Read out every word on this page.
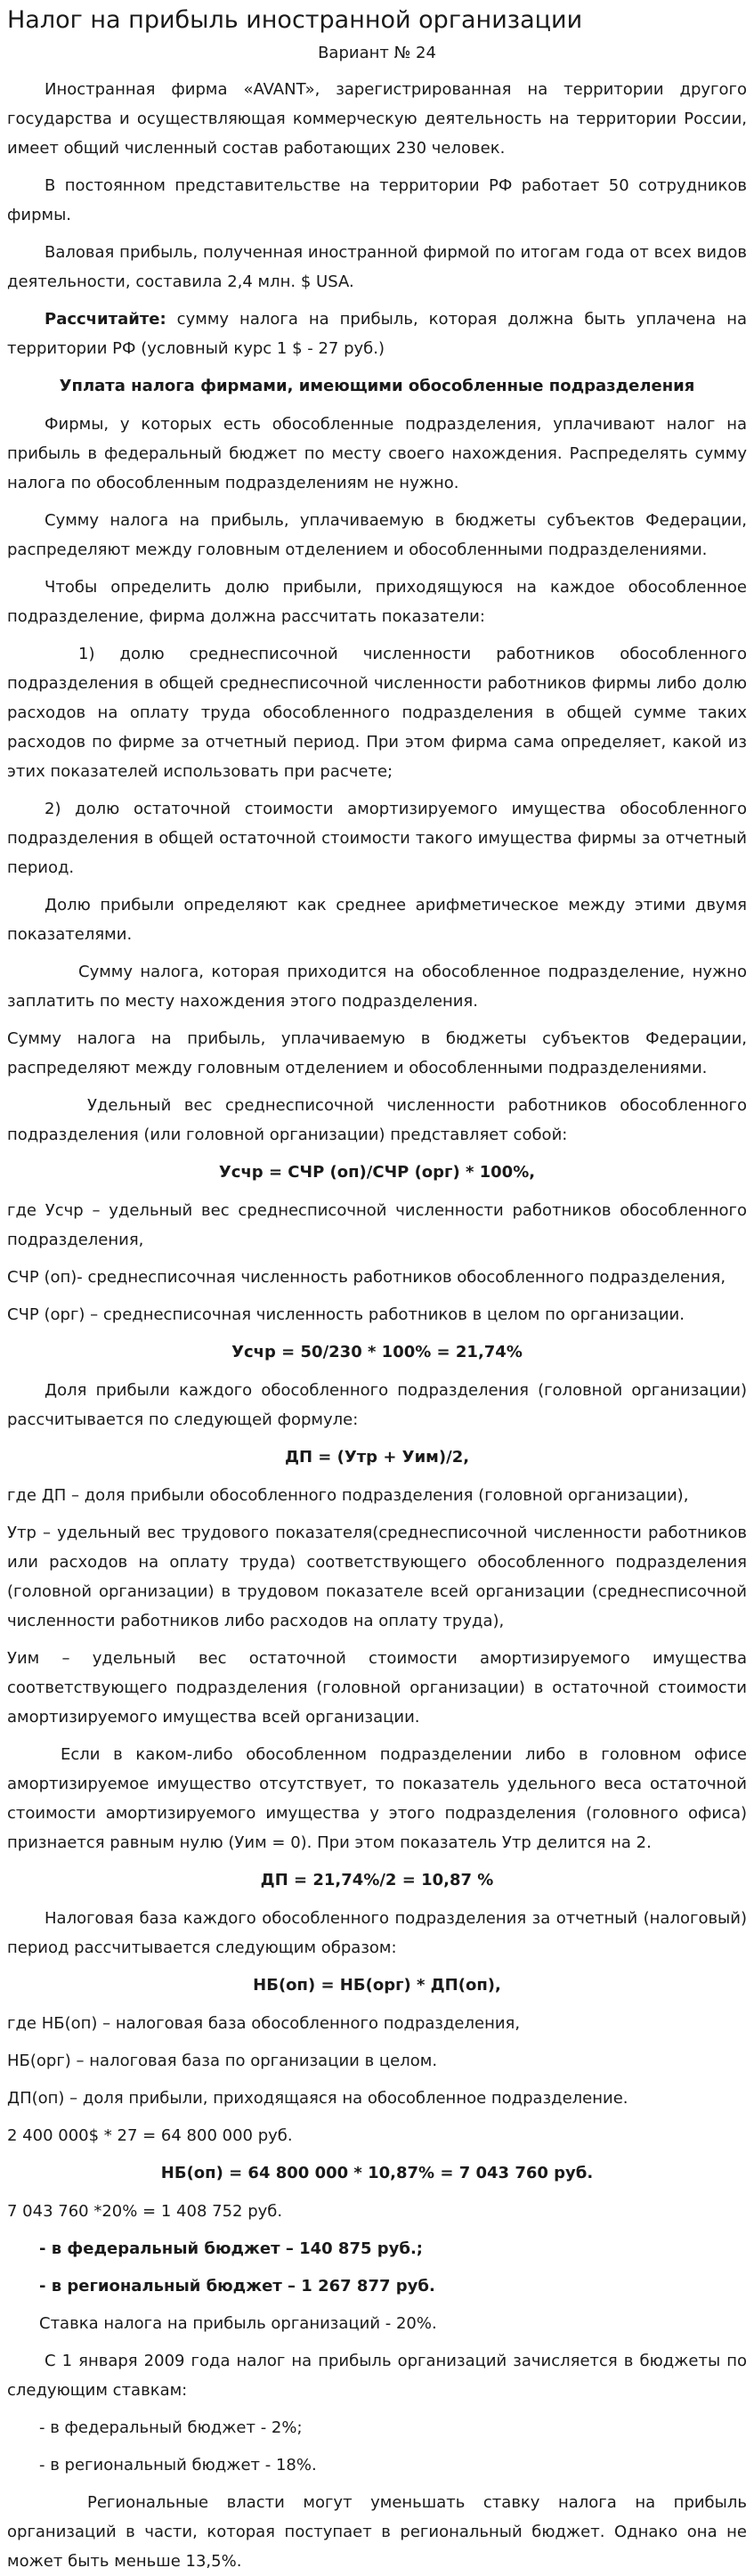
Налог на прибыль иностранной организации
Вариант № 24

Иностранная фирма «AVANT», зарегистрированная на территории другого государства и осуществляющая коммерческую деятельность на территории России, имеет общий численный состав работающих 230 человек.

В постоянном представительстве на территории РФ работает 50 сотрудников фирмы.

Валовая прибыль, полученная иностранной фирмой по итогам года от всех видов деятельности, составила 2,4 млн. $ USA.

Рассчитайте: сумму налога на прибыль, которая должна быть уплачена на территории РФ (условный курс 1 $ - 27 руб.)

Уплата налога фирмами, имеющими обособленные подразделения

Фирмы, у которых есть обособленные подразделения, уплачивают налог на прибыль в федеральный бюджет по месту своего нахождения. Распределять сумму налога по обособленным подразделениям не нужно.

Сумму налога на прибыль, уплачиваемую в бюджеты субъектов Федерации, распределяют между головным отделением и обособленными подразделениями.

Чтобы определить долю прибыли, приходящуюся на каждое обособленное подразделение, фирма должна рассчитать показатели:

1) долю среднесписочной численности работников обособленного подразделения в общей среднесписочной численности работников фирмы либо долю расходов на оплату труда обособленного подразделения в общей сумме таких расходов по фирме за отчетный период. При этом фирма сама определяет, какой из этих показателей использовать при расчете;

2) долю остаточной стоимости амортизируемого имущества обособленного подразделения в общей остаточной стоимости такого имущества фирмы за отчетный период.

Долю прибыли определяют как среднее арифметическое между этими двумя показателями.

Сумму налога, которая приходится на обособленное подразделение, нужно заплатить по месту нахождения этого подразделения.

Сумму налога на прибыль, уплачиваемую в бюджеты субъектов Федерации, распределяют между головным отделением и обособленными подразделениями.

Удельный вес среднесписочной численности работников обособленного подразделения (или головной организации) представляет собой:

Усчр = СЧР (оп)/СЧР (орг) * 100%,

где Усчр – удельный вес среднесписочной численности работников обособленного подразделения,

СЧР (оп)- среднесписочная численность работников обособленного подразделения,

СЧР (орг) – среднесписочная численность работников в целом по организации.

Усчр = 50/230 * 100% = 21,74%

Доля прибыли каждого обособленного подразделения (головной организации) рассчитывается по следующей формуле:

ДП = (Утр + Уим)/2,

где ДП – доля прибыли обособленного подразделения (головной организации),

Утр – удельный вес трудового показателя(среднесписочной численности работников или расходов на оплату труда) соответствующего обособленного подразделения (головной организации) в трудовом показателе всей организации (среднесписочной численности работников либо расходов на оплату труда),

Уим – удельный вес остаточной стоимости амортизируемого имущества соответствующего подразделения (головной организации) в остаточной стоимости амортизируемого имущества всей организации.

Если в каком-либо обособленном подразделении либо в головном офисе амортизируемое имущество отсутствует, то показатель удельного веса остаточной стоимости амортизируемого имущества у этого подразделения (головного офиса) признается равным нулю (Уим = 0). При этом показатель Утр делится на 2.

ДП = 21,74%/2 = 10,87 %

Налоговая база каждого обособленного подразделения за отчетный (налоговый) период рассчитывается следующим образом:

НБ(оп) = НБ(орг) * ДП(оп),

где НБ(оп) – налоговая база обособленного подразделения,

НБ(орг) – налоговая база по организации в целом.

ДП(оп) – доля прибыли, приходящаяся на обособленное подразделение.

2 400 000$ * 27 = 64 800 000 руб.

НБ(оп) = 64 800 000 * 10,87% = 7 043 760 руб.

7 043 760 *20% = 1 408 752 руб.

- в федеральный бюджет – 140 875 руб.;

- в региональный бюджет – 1 267 877 руб.

Ставка налога на прибыль организаций - 20%.

С 1 января 2009 года налог на прибыль организаций зачисляется в бюджеты по следующим ставкам:

- в федеральный бюджет - 2%;

- в региональный бюджет - 18%.

Региональные власти могут уменьшать ставку налога на прибыль организаций в части, которая поступает в региональный бюджет. Однако она не может быть меньше 13,5%.
